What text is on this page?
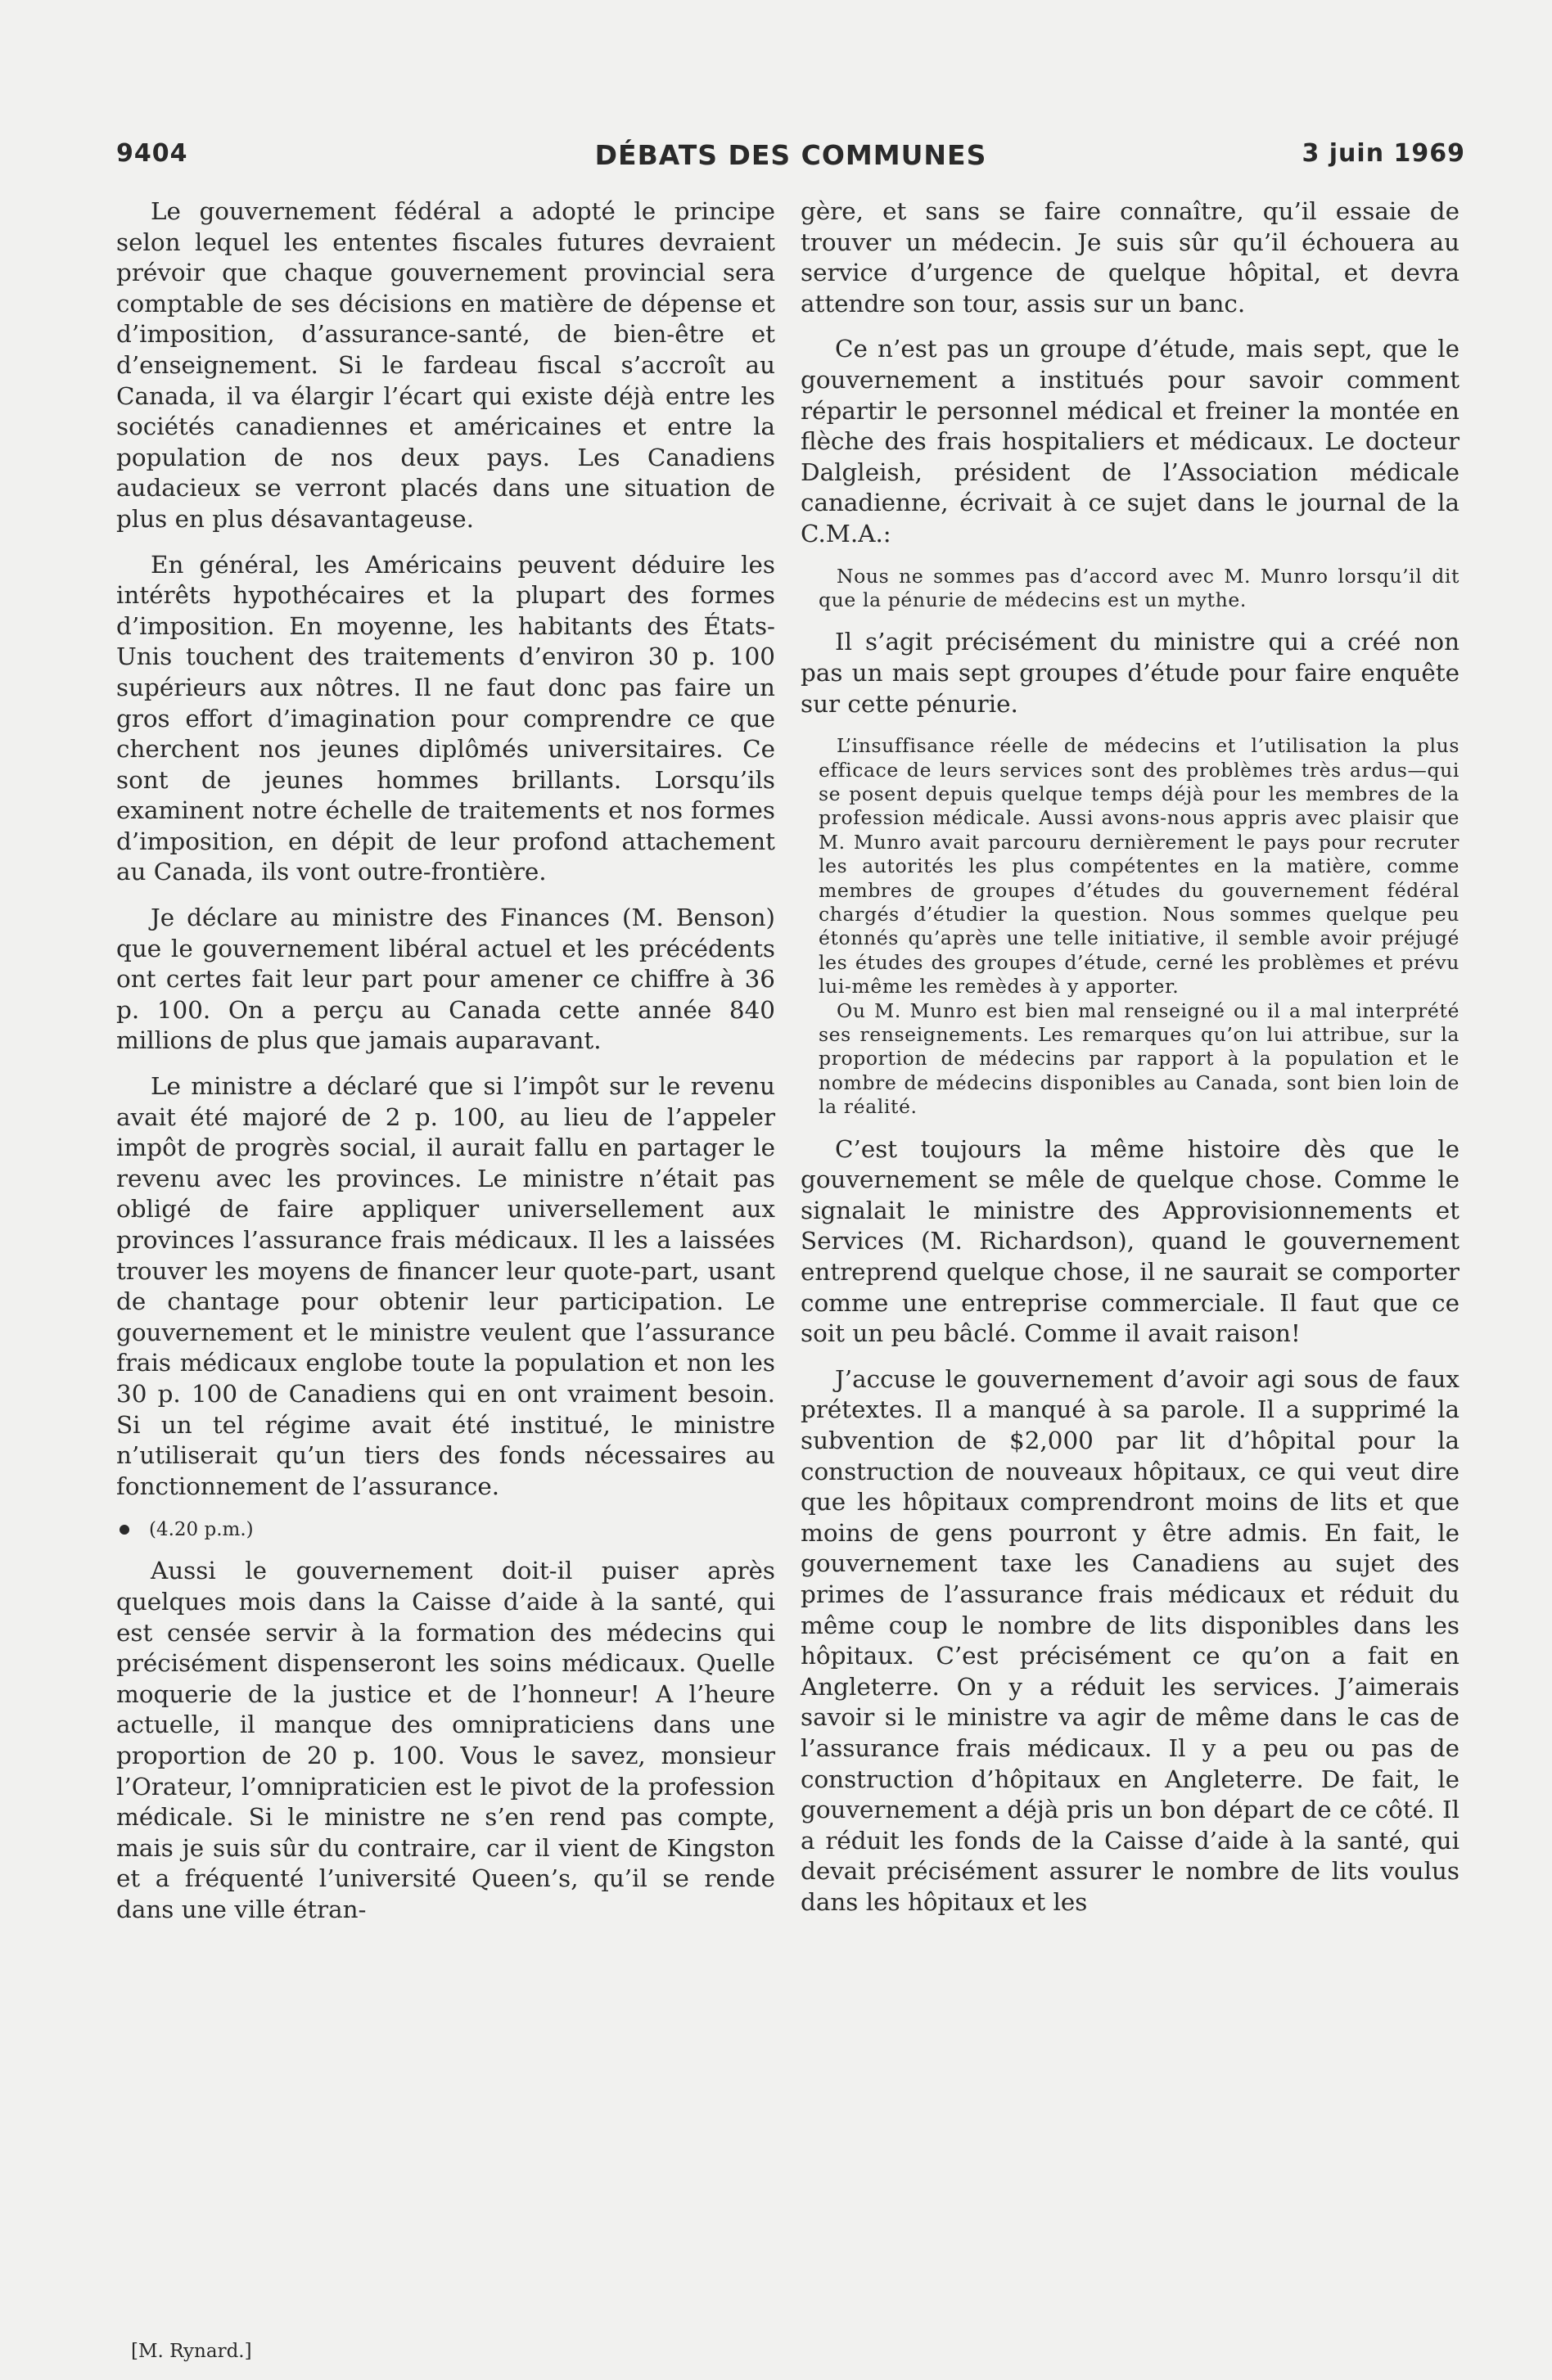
9404	DÉBATS DES COMMUNES	3 juin 1969

Le gouvernement fédéral a adopté le principe selon lequel les ententes fiscales futures devraient prévoir que chaque gouvernement provincial sera comptable de ses décisions en matière de dépense et d’imposition, d’assurance-santé, de bien-être et d’enseignement. Si le fardeau fiscal s’accroît au Canada, il va élargir l’écart qui existe déjà entre les sociétés canadiennes et américaines et entre la population de nos deux pays. Les Canadiens audacieux se verront placés dans une situation de plus en plus désavantageuse.

En général, les Américains peuvent déduire les intérêts hypothécaires et la plupart des formes d’imposition. En moyenne, les habitants des États-Unis touchent des traitements d’environ 30 p. 100 supérieurs aux nôtres. Il ne faut donc pas faire un gros effort d’imagination pour comprendre ce que cherchent nos jeunes diplômés universitaires. Ce sont de jeunes hommes brillants. Lorsqu’ils examinent notre échelle de traitements et nos formes d’imposition, en dépit de leur profond attachement au Canada, ils vont outre-frontière.

Je déclare au ministre des Finances (M. Benson) que le gouvernement libéral actuel et les précédents ont certes fait leur part pour amener ce chiffre à 36 p. 100. On a perçu au Canada cette année 840 millions de plus que jamais auparavant.

Le ministre a déclaré que si l’impôt sur le revenu avait été majoré de 2 p. 100, au lieu de l’appeler impôt de progrès social, il aurait fallu en partager le revenu avec les provinces. Le ministre n’était pas obligé de faire appliquer universellement aux provinces l’assurance frais médicaux. Il les a laissées trouver les moyens de financer leur quote-part, usant de chantage pour obtenir leur participation. Le gouvernement et le ministre veulent que l’assurance frais médicaux englobe toute la population et non les 30 p. 100 de Canadiens qui en ont vraiment besoin. Si un tel régime avait été institué, le ministre n’utiliserait qu’un tiers des fonds nécessaires au fonctionnement de l’assurance.

(4.20 p.m.)

Aussi le gouvernement doit-il puiser après quelques mois dans la Caisse d’aide à la santé, qui est censée servir à la formation des médecins qui précisément dispenseront les soins médicaux. Quelle moquerie de la justice et de l’honneur! A l’heure actuelle, il manque des omnipraticiens dans une proportion de 20 p. 100. Vous le savez, monsieur l’Orateur, l’omnipraticien est le pivot de la profession médicale. Si le ministre ne s’en rend pas compte, mais je suis sûr du contraire, car il vient de Kingston et a fréquenté l’université Queen’s, qu’il se rende dans une ville étran-

gère, et sans se faire connaître, qu’il essaie de trouver un médecin. Je suis sûr qu’il échouera au service d’urgence de quelque hôpital, et devra attendre son tour, assis sur un banc.

Ce n’est pas un groupe d’étude, mais sept, que le gouvernement a institués pour savoir comment répartir le personnel médical et freiner la montée en flèche des frais hospitaliers et médicaux. Le docteur Dalgleish, président de l’Association médicale canadienne, écrivait à ce sujet dans le journal de la C.M.A.:

Nous ne sommes pas d’accord avec M. Munro lorsqu’il dit que la pénurie de médecins est un mythe.

Il s’agit précisément du ministre qui a créé non pas un mais sept groupes d’étude pour faire enquête sur cette pénurie.

L’insuffisance réelle de médecins et l’utilisation la plus efficace de leurs services sont des problèmes très ardus—qui se posent depuis quelque temps déjà pour les membres de la profession médicale. Aussi avons-nous appris avec plaisir que M. Munro avait parcouru dernièrement le pays pour recruter les autorités les plus compétentes en la matière, comme membres de groupes d’études du gouvernement fédéral chargés d’étudier la question. Nous sommes quelque peu étonnés qu’après une telle initiative, il semble avoir préjugé les études des groupes d’étude, cerné les problèmes et prévu lui-même les remèdes à y apporter.

Ou M. Munro est bien mal renseigné ou il a mal interprété ses renseignements. Les remarques qu’on lui attribue, sur la proportion de médecins par rapport à la population et le nombre de médecins disponibles au Canada, sont bien loin de la réalité.

C’est toujours la même histoire dès que le gouvernement se mêle de quelque chose. Comme le signalait le ministre des Approvisionnements et Services (M. Richardson), quand le gouvernement entreprend quelque chose, il ne saurait se comporter comme une entreprise commerciale. Il faut que ce soit un peu bâclé. Comme il avait raison!

J’accuse le gouvernement d’avoir agi sous de faux prétextes. Il a manqué à sa parole. Il a supprimé la subvention de $2,000 par lit d’hôpital pour la construction de nouveaux hôpitaux, ce qui veut dire que les hôpitaux comprendront moins de lits et que moins de gens pourront y être admis. En fait, le gouvernement taxe les Canadiens au sujet des primes de l’assurance frais médicaux et réduit du même coup le nombre de lits disponibles dans les hôpitaux. C’est précisément ce qu’on a fait en Angleterre. On y a réduit les services. J’aimerais savoir si le ministre va agir de même dans le cas de l’assurance frais médicaux. Il y a peu ou pas de construction d’hôpitaux en Angleterre. De fait, le gouvernement a déjà pris un bon départ de ce côté. Il a réduit les fonds de la Caisse d’aide à la santé, qui devait précisément assurer le nombre de lits voulus dans les hôpitaux et les

[M. Rynard.]
